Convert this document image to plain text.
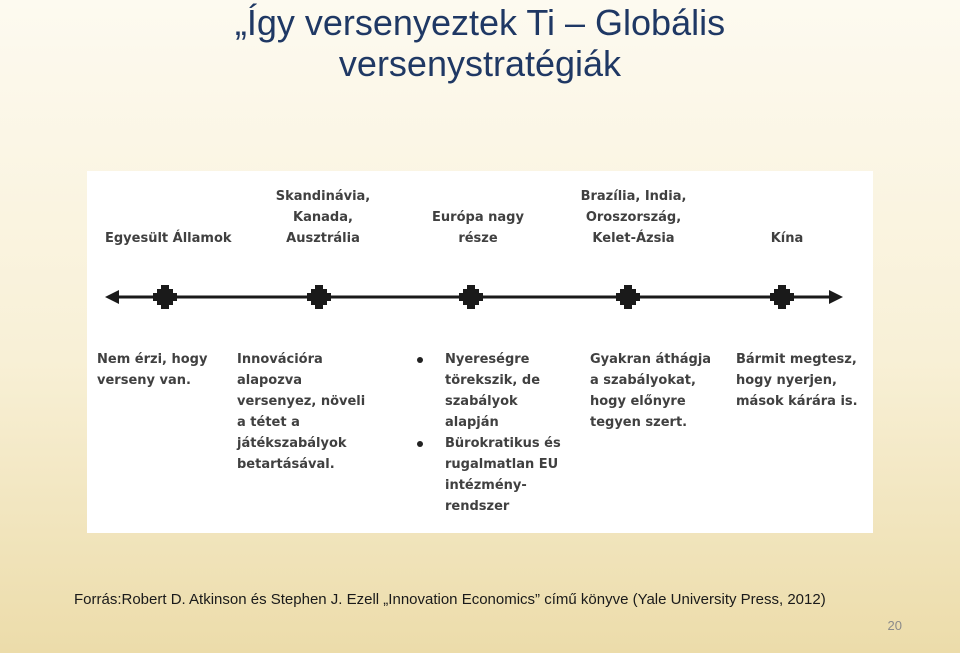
„Így versenyeztek Ti – Globális
versenystratégiák
Egyesült Államok
Skandinávia,
Kanada,
Ausztrália
Európa nagy
része
Brazília, India,
Oroszország,
Kelet-Ázsia	Kína
Nem érzi, hogy
verseny van.
Innovációra
alapozva
versenyez, növeli
a tétet a
játékszabályok
betartásával.
Nyereségre
törekszik, de
szabályok
alapján
Bürokratikus és
rugalmatlan EU
intézmény-
rendszer
Gyakran áthágja
a szabályokat,
hogy előnyre
tegyen szert.
Bármit megtesz,
hogy nyerjen,
mások kárára is.
Forrás:Robert D. Atkinson és Stephen J. Ezell „Innovation Economics” című könyve (Yale University Press, 2012)
20
